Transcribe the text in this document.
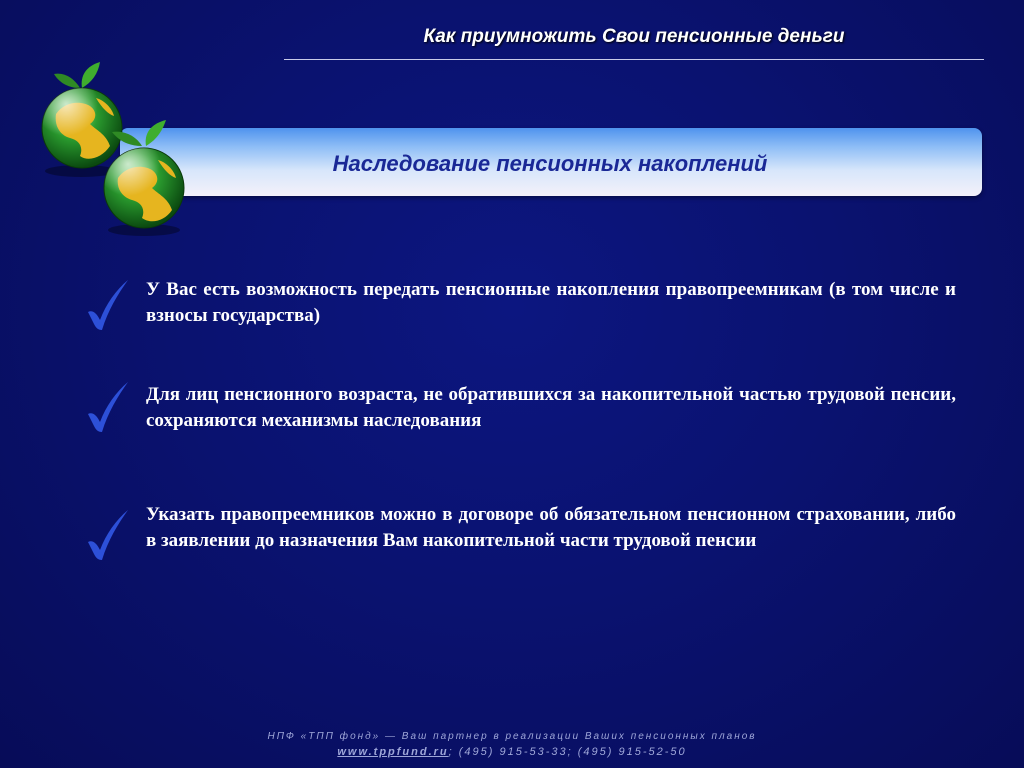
Как приумножить Свои пенсионные деньги
Наследование пенсионных накоплений
У Вас есть возможность передать пенсионные накопления правопреемникам (в том числе и взносы государства)
Для лиц пенсионного возраста, не обратившихся за накопительной частью трудовой пенсии, сохраняются механизмы наследования
Указать правопреемников можно в договоре об обязательном пенсионном страховании, либо в заявлении до назначения Вам накопительной части трудовой пенсии
НПФ «ТПП фонд» — Ваш партнер в реализации Ваших пенсионных планов
www.tppfund.ru; (495) 915-53-33; (495) 915-52-50
